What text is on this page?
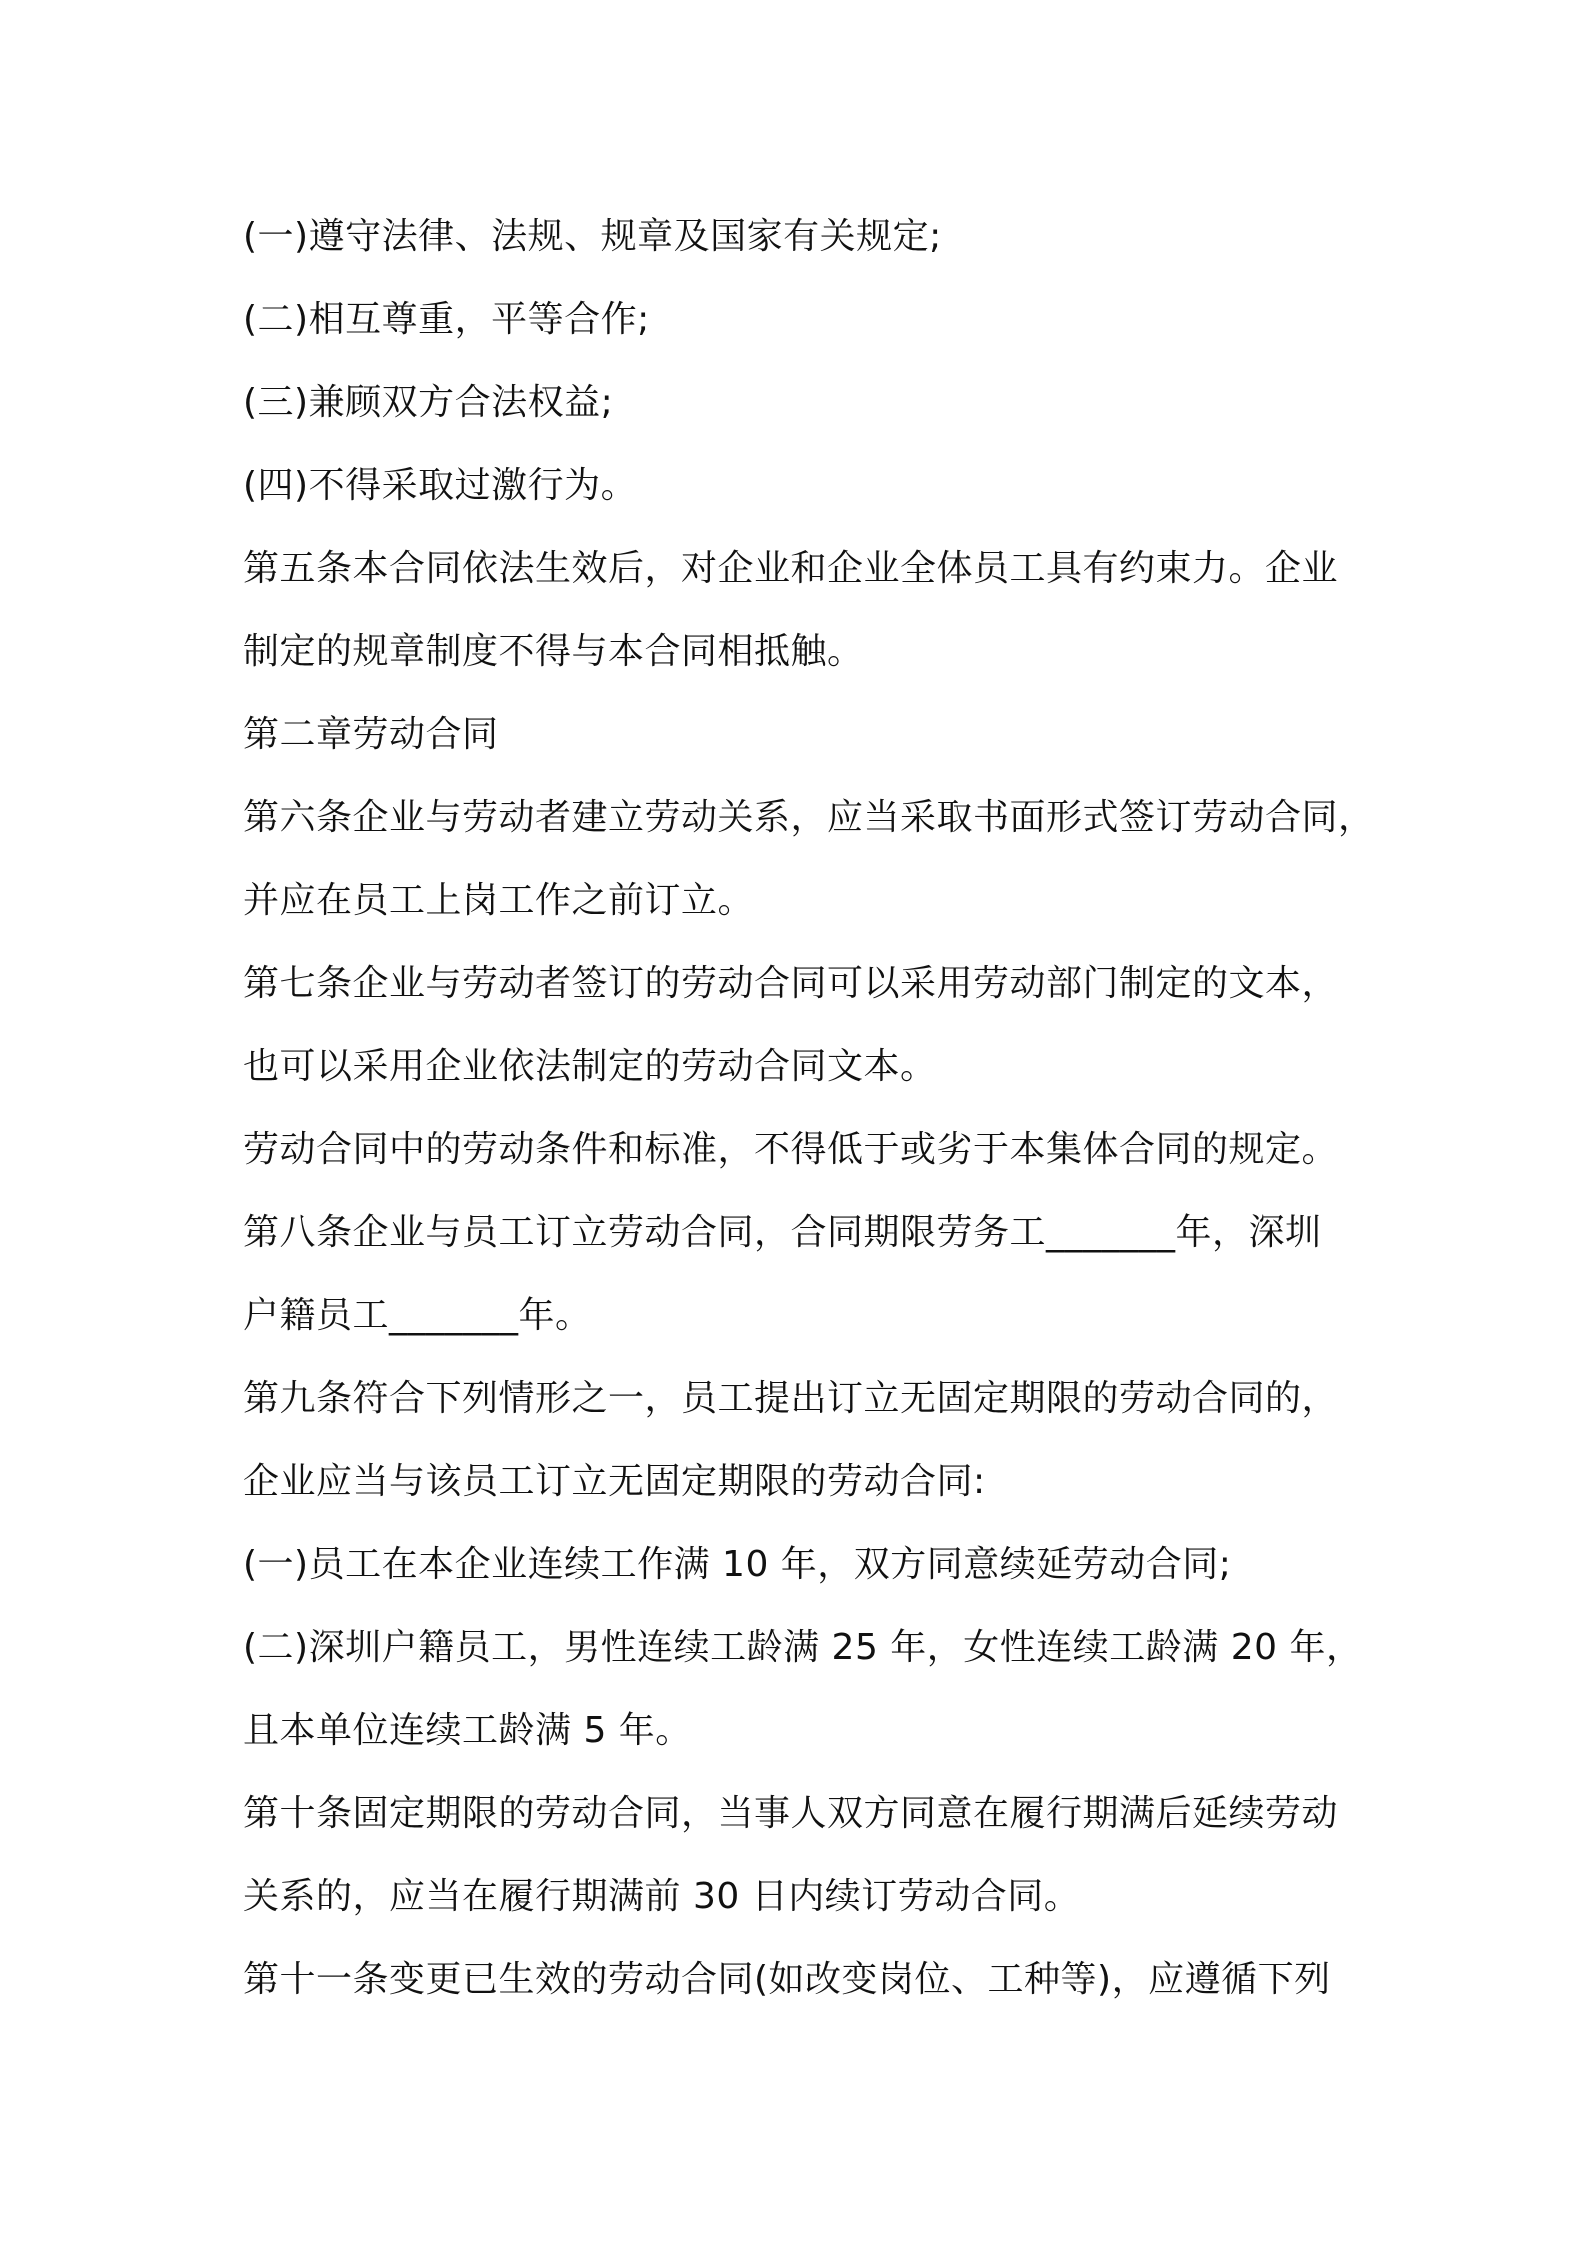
(一)遵守法律、法规、规章及国家有关规定;
(二)相互尊重，平等合作;
(三)兼顾双方合法权益;
(四)不得采取过激行为。
第五条本合同依法生效后，对企业和企业全体员工具有约束力。企业
制定的规章制度不得与本合同相抵触。
第二章劳动合同
第六条企业与劳动者建立劳动关系，应当采取书面形式签订劳动合同，
并应在员工上岗工作之前订立。
第七条企业与劳动者签订的劳动合同可以采用劳动部门制定的文本，
也可以采用企业依法制定的劳动合同文本。
劳动合同中的劳动条件和标准，不得低于或劣于本集体合同的规定。
第八条企业与员工订立劳动合同，合同期限劳务工_______年，深圳
户籍员工_______年。
第九条符合下列情形之一，员工提出订立无固定期限的劳动合同的，
企业应当与该员工订立无固定期限的劳动合同:
(一)员工在本企业连续工作满 10 年，双方同意续延劳动合同;
(二)深圳户籍员工，男性连续工龄满 25 年，女性连续工龄满 20 年，
且本单位连续工龄满 5 年。
第十条固定期限的劳动合同，当事人双方同意在履行期满后延续劳动
关系的，应当在履行期满前 30 日内续订劳动合同。
第十一条变更已生效的劳动合同(如改变岗位、工种等)，应遵循下列
